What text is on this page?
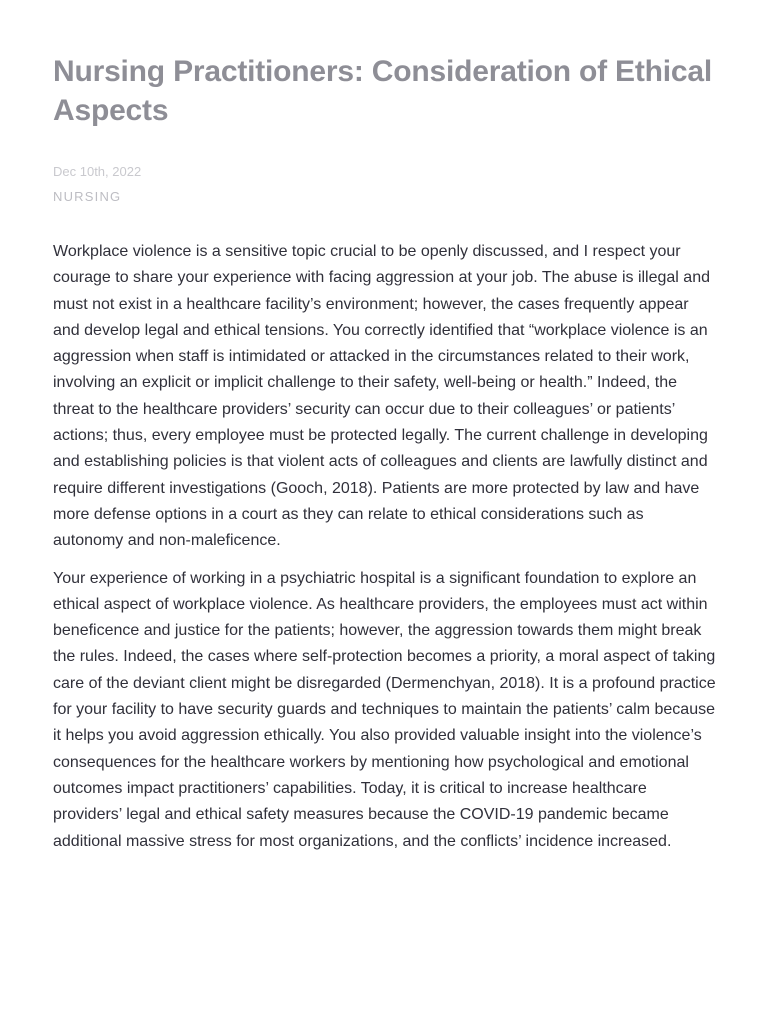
Nursing Practitioners: Consideration of Ethical Aspects
Dec 10th, 2022
NURSING

Workplace violence is a sensitive topic crucial to be openly discussed, and I respect your courage to share your experience with facing aggression at your job. The abuse is illegal and must not exist in a healthcare facility’s environment; however, the cases frequently appear and develop legal and ethical tensions. You correctly identified that “workplace violence is an aggression when staff is intimidated or attacked in the circumstances related to their work, involving an explicit or implicit challenge to their safety, well-being or health.” Indeed, the threat to the healthcare providers’ security can occur due to their colleagues’ or patients’ actions; thus, every employee must be protected legally. The current challenge in developing and establishing policies is that violent acts of colleagues and clients are lawfully distinct and require different investigations (Gooch, 2018). Patients are more protected by law and have more defense options in a court as they can relate to ethical considerations such as autonomy and non-maleficence.

Your experience of working in a psychiatric hospital is a significant foundation to explore an ethical aspect of workplace violence. As healthcare providers, the employees must act within beneficence and justice for the patients; however, the aggression towards them might break the rules. Indeed, the cases where self-protection becomes a priority, a moral aspect of taking care of the deviant client might be disregarded (Dermenchyan, 2018). It is a profound practice for your facility to have security guards and techniques to maintain the patients’ calm because it helps you avoid aggression ethically. You also provided valuable insight into the violence’s consequences for the healthcare workers by mentioning how psychological and emotional outcomes impact practitioners’ capabilities. Today, it is critical to increase healthcare providers’ legal and ethical safety measures because the COVID-19 pandemic became additional massive stress for most organizations, and the conflicts’ incidence increased.
